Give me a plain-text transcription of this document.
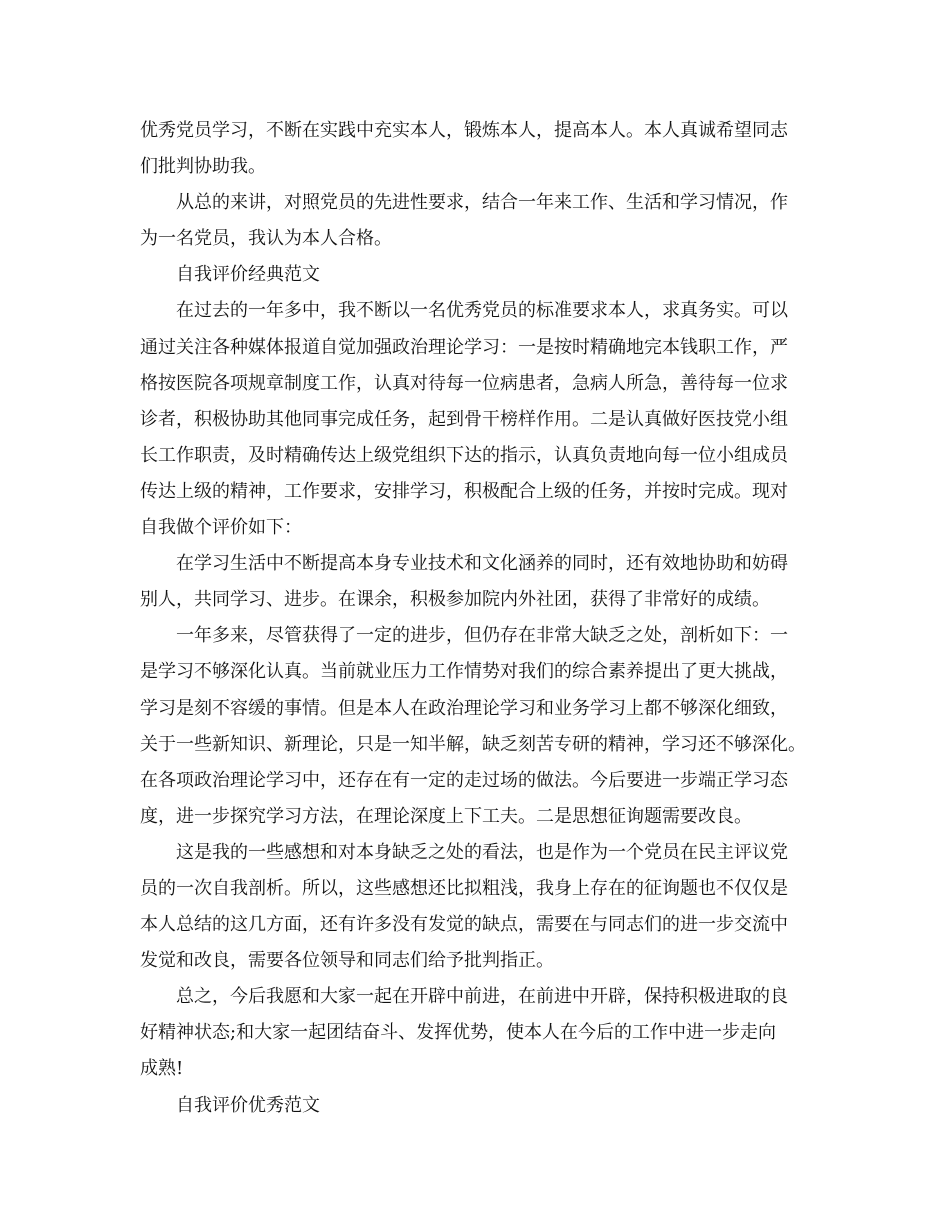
优秀党员学习，不断在实践中充实本人，锻炼本人，提高本人。本人真诚希望同志
们批判协助我。
从总的来讲，对照党员的先进性要求，结合一年来工作、生活和学习情况，作
为一名党员，我认为本人合格。
自我评价经典范文
在过去的一年多中，我不断以一名优秀党员的标准要求本人，求真务实。可以
通过关注各种媒体报道自觉加强政治理论学习：一是按时精确地完本钱职工作，严
格按医院各项规章制度工作，认真对待每一位病患者，急病人所急，善待每一位求
诊者，积极协助其他同事完成任务，起到骨干榜样作用。二是认真做好医技党小组
长工作职责，及时精确传达上级党组织下达的指示，认真负责地向每一位小组成员
传达上级的精神，工作要求，安排学习，积极配合上级的任务，并按时完成。现对
自我做个评价如下：
在学习生活中不断提高本身专业技术和文化涵养的同时，还有效地协助和妨碍
别人，共同学习、进步。在课余，积极参加院内外社团，获得了非常好的成绩。
一年多来，尽管获得了一定的进步，但仍存在非常大缺乏之处，剖析如下：一
是学习不够深化认真。当前就业压力工作情势对我们的综合素养提出了更大挑战，
学习是刻不容缓的事情。但是本人在政治理论学习和业务学习上都不够深化细致，
关于一些新知识、新理论，只是一知半解，缺乏刻苦专研的精神，学习还不够深化。
在各项政治理论学习中，还存在有一定的走过场的做法。今后要进一步端正学习态
度，进一步探究学习方法，在理论深度上下工夫。二是思想征询题需要改良。
这是我的一些感想和对本身缺乏之处的看法，也是作为一个党员在民主评议党
员的一次自我剖析。所以，这些感想还比拟粗浅，我身上存在的征询题也不仅仅是
本人总结的这几方面，还有许多没有发觉的缺点，需要在与同志们的进一步交流中
发觉和改良，需要各位领导和同志们给予批判指正。
总之，今后我愿和大家一起在开辟中前进，在前进中开辟，保持积极进取的良
好精神状态;和大家一起团结奋斗、发挥优势，使本人在今后的工作中进一步走向
成熟!
自我评价优秀范文
